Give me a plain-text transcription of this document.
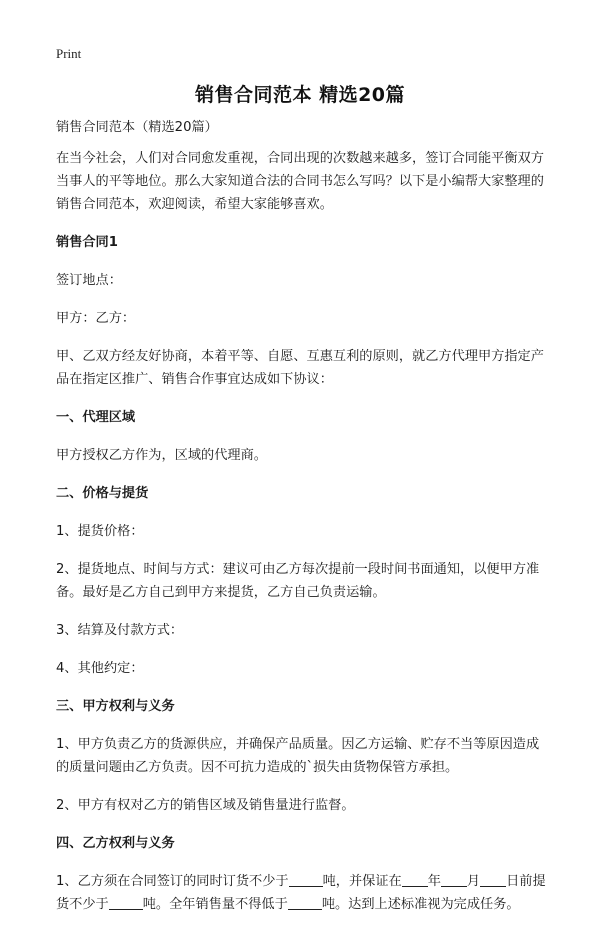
Print
销售合同范本 精选20篇

销售合同范本（精选20篇）

在当今社会，人们对合同愈发重视，合同出现的次数越来越多，签订合同能平衡双方当事人的平等地位。那么大家知道合法的合同书怎么写吗？以下是小编帮大家整理的销售合同范本，欢迎阅读，希望大家能够喜欢。

销售合同1

签订地点：

甲方：乙方：

甲、乙双方经友好协商，本着平等、自愿、互惠互利的原则，就乙方代理甲方指定产品在指定区推广、销售合作事宜达成如下协议：

一、代理区域

甲方授权乙方作为，区域的代理商。

二、价格与提货

1、提货价格：

2、提货地点、时间与方式：建议可由乙方每次提前一段时间书面通知，以便甲方准备。最好是乙方自己到甲方来提货，乙方自己负责运输。

3、结算及付款方式：

4、其他约定：

三、甲方权利与义务

1、甲方负责乙方的货源供应，并确保产品质量。因乙方运输、贮存不当等原因造成的质量问题由乙方负责。因不可抗力造成的`损失由货物保管方承担。

2、甲方有权对乙方的销售区域及销售量进行监督。

四、乙方权利与义务

1、乙方须在合同签订的同时订货不少于	吨，并保证在 年 月 日前提货不少于	吨。全年销售量不得低于	吨。达到上述标准视为完成任务。
